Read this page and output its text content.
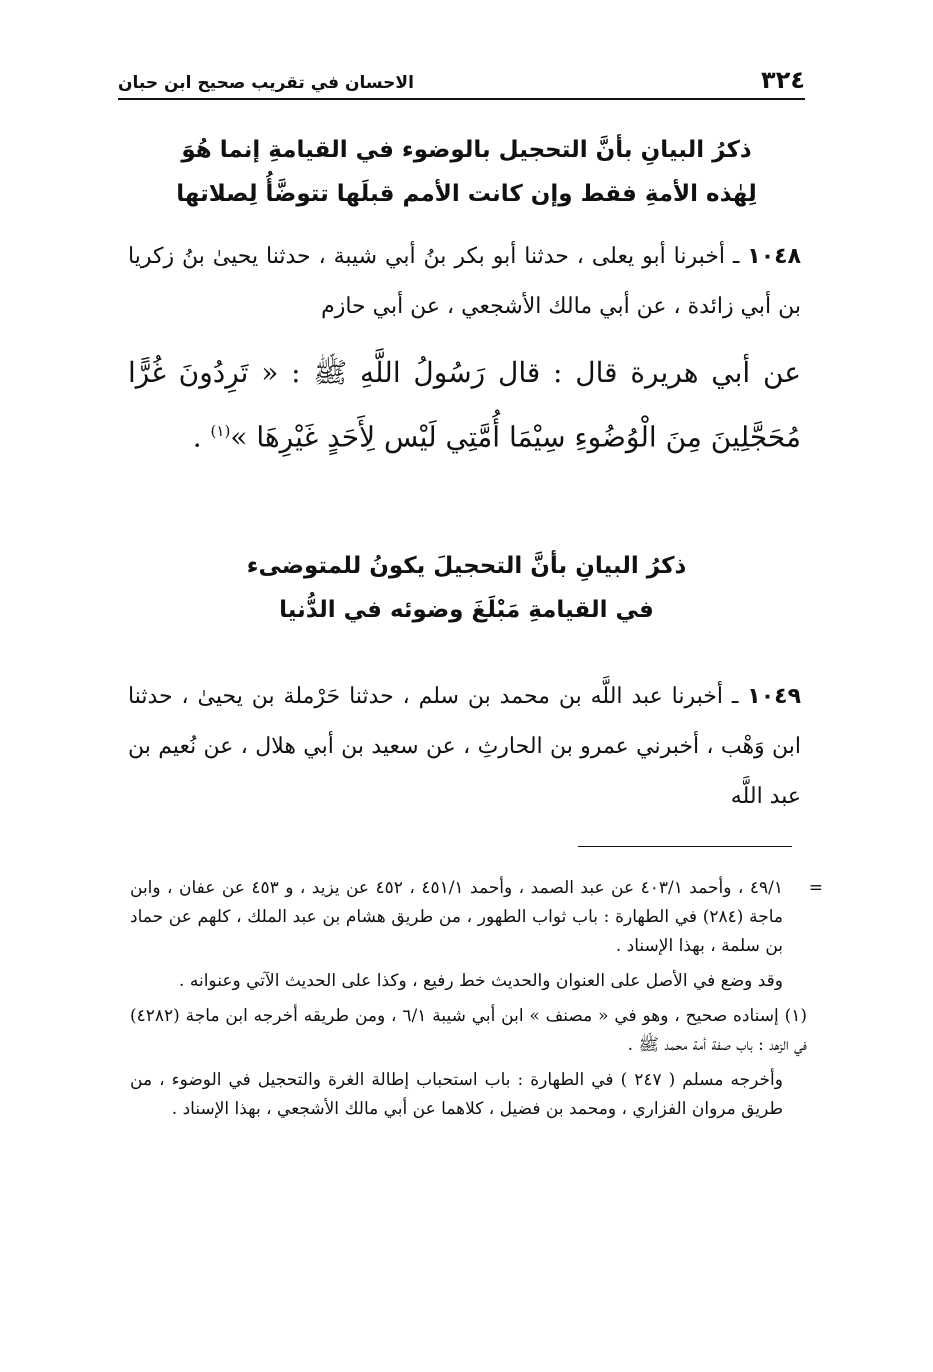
٣٢٤
الاحسان في تقريب صحيح ابن حبان
ذكرُ البيانِ بأنَّ التحجيل بالوضوء في القيامةِ إنما هُوَ
لِهٰذه الأمةِ فقط وإن كانت الأمم قبلَها تتوضَّأُ لِصلاتها
١٠٤٨ ـ أخبرنا أبو يعلى ، حدثنا أبو بكر بنُ أبي شيبة ، حدثنا يحيىٰ بنُ زكريا بن أبي زائدة ، عن أبي مالك الأشجعي ، عن أبي حازم
عن أبي هريرة قال : قال رَسُولُ اللَّهِ ﷺ : « تَرِدُونَ غُرًّا مُحَجَّلِينَ مِنَ الْوُضُوءِ سِيْمَا أُمَّتِي لَيْس لِأَحَدٍ غَيْرِهَا »$^{(١)}$ .
ذكرُ البيانِ بأنَّ التحجيلَ يكونُ للمتوضىء
في القيامةِ مَبْلَغَ وضوئه في الدُّنيا
١٠٤٩ ـ أخبرنا عبد اللَّه بن محمد بن سلم ، حدثنا حَرْملة بن يحيىٰ ، حدثنا ابن وَهْب ، أخبرني عمرو بن الحارثِ ، عن سعيد بن أبي هلال ، عن نُعيم بن عبد اللَّه
=
٤٩/١ ، وأحمد ٤٠٣/١ عن عبد الصمد ، وأحمد ٤٥١/١ ، ٤٥٢ عن يزيد ، و ٤٥٣ عن عفان ، وابن ماجة (٢٨٤) في الطهارة : باب ثواب الطهور ، من طريق هشام بن عبد الملك ، كلهم عن حماد بن سلمة ، بهذا الإسناد .
وقد وضع في الأصل على العنوان والحديث خط رفيع ، وكذا على الحديث الآتي وعنوانه .
(١) إسناده صحيح ، وهو في « مصنف » ابن أبي شيبة ٦/١ ، ومن طريقه أخرجه ابن ماجة (٤٢٨٢) في الزهد : باب صفة أمة محمد ﷺ .
وأخرجه مسلم ( ٢٤٧ ) في الطهارة : باب استحباب إطالة الغرة والتحجيل في الوضوء ، من طريق مروان الفزاري ، ومحمد بن فضيل ، كلاهما عن أبي مالك الأشجعي ، بهذا الإسناد .
